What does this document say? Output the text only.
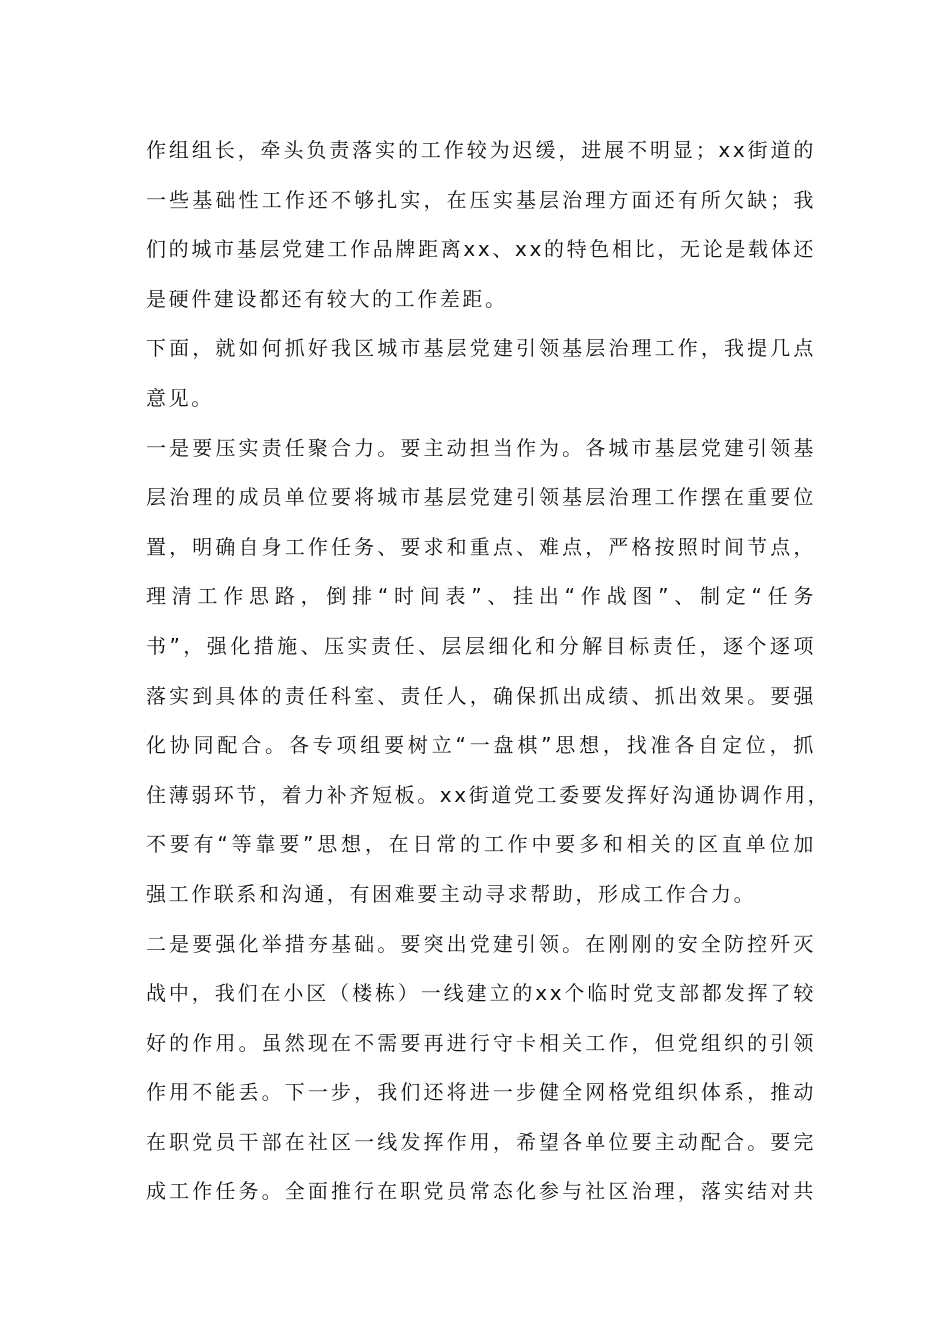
作组组长，牵头负责落实的工作较为迟缓，进展不明显；xx街道的
一些基础性工作还不够扎实，在压实基层治理方面还有所欠缺；我
们的城市基层党建工作品牌距离xx、xx的特色相比，无论是载体还
是硬件建设都还有较大的工作差距。
下面，就如何抓好我区城市基层党建引领基层治理工作，我提几点
意见。
一是要压实责任聚合力。要主动担当作为。各城市基层党建引领基
层治理的成员单位要将城市基层党建引领基层治理工作摆在重要位
置，明确自身工作任务、要求和重点、难点，严格按照时间节点，
理清工作思路，倒排“时间表”、挂出“作战图”、制定“任务
书”，强化措施、压实责任、层层细化和分解目标责任，逐个逐项
落实到具体的责任科室、责任人，确保抓出成绩、抓出效果。要强
化协同配合。各专项组要树立“一盘棋”思想，找准各自定位，抓
住薄弱环节，着力补齐短板。xx街道党工委要发挥好沟通协调作用，
不要有“等靠要”思想，在日常的工作中要多和相关的区直单位加
强工作联系和沟通，有困难要主动寻求帮助，形成工作合力。
二是要强化举措夯基础。要突出党建引领。在刚刚的安全防控歼灭
战中，我们在小区（楼栋）一线建立的xx个临时党支部都发挥了较
好的作用。虽然现在不需要再进行守卡相关工作，但党组织的引领
作用不能丢。下一步，我们还将进一步健全网格党组织体系，推动
在职党员干部在社区一线发挥作用，希望各单位要主动配合。要完
成工作任务。全面推行在职党员常态化参与社区治理，落实结对共
